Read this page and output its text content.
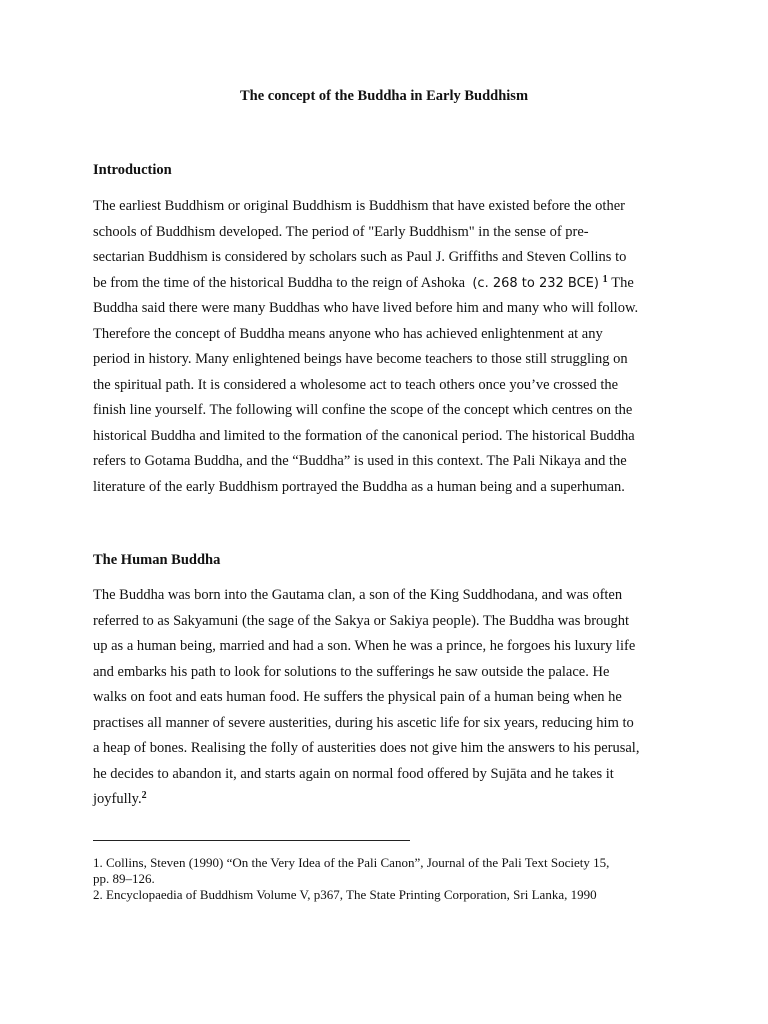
The concept of the Buddha in Early Buddhism
Introduction
The earliest Buddhism or original Buddhism is Buddhism that have existed before the other
schools of Buddhism developed. The period of "Early Buddhism" in the sense of pre-
sectarian Buddhism is considered by scholars such as Paul J. Griffiths and Steven Collins to
be from the time of the historical Buddha to the reign of Ashoka (c. 268 to 232 BCE) $^1$ The
Buddha said there were many Buddhas who have lived before him and many who will follow.
Therefore the concept of Buddha means anyone who has achieved enlightenment at any
period in history. Many enlightened beings have become teachers to those still struggling on
the spiritual path. It is considered a wholesome act to teach others once you’ve crossed the
finish line yourself. The following will confine the scope of the concept which centres on the
historical Buddha and limited to the formation of the canonical period. The historical Buddha
refers to Gotama Buddha, and the “Buddha” is used in this context. The Pali Nikaya and the
literature of the early Buddhism portrayed the Buddha as a human being and a superhuman.
The Human Buddha
The Buddha was born into the Gautama clan, a son of the King Suddhodana, and was often
referred to as Sakyamuni (the sage of the Sakya or Sakiya people). The Buddha was brought
up as a human being, married and had a son. When he was a prince, he forgoes his luxury life
and embarks his path to look for solutions to the sufferings he saw outside the palace. He
walks on foot and eats human food. He suffers the physical pain of a human being when he
practises all manner of severe austerities, during his ascetic life for six years, reducing him to
a heap of bones. Realising the folly of austerities does not give him the answers to his perusal,
he decides to abandon it, and starts again on normal food offered by Sujāta and he takes it
joyfully.$^2$
1. Collins, Steven (1990) “On the Very Idea of the Pali Canon”, Journal of the Pali Text Society 15,
pp. 89–126.
2. Encyclopaedia of Buddhism Volume V, p367, The State Printing Corporation, Sri Lanka, 1990
